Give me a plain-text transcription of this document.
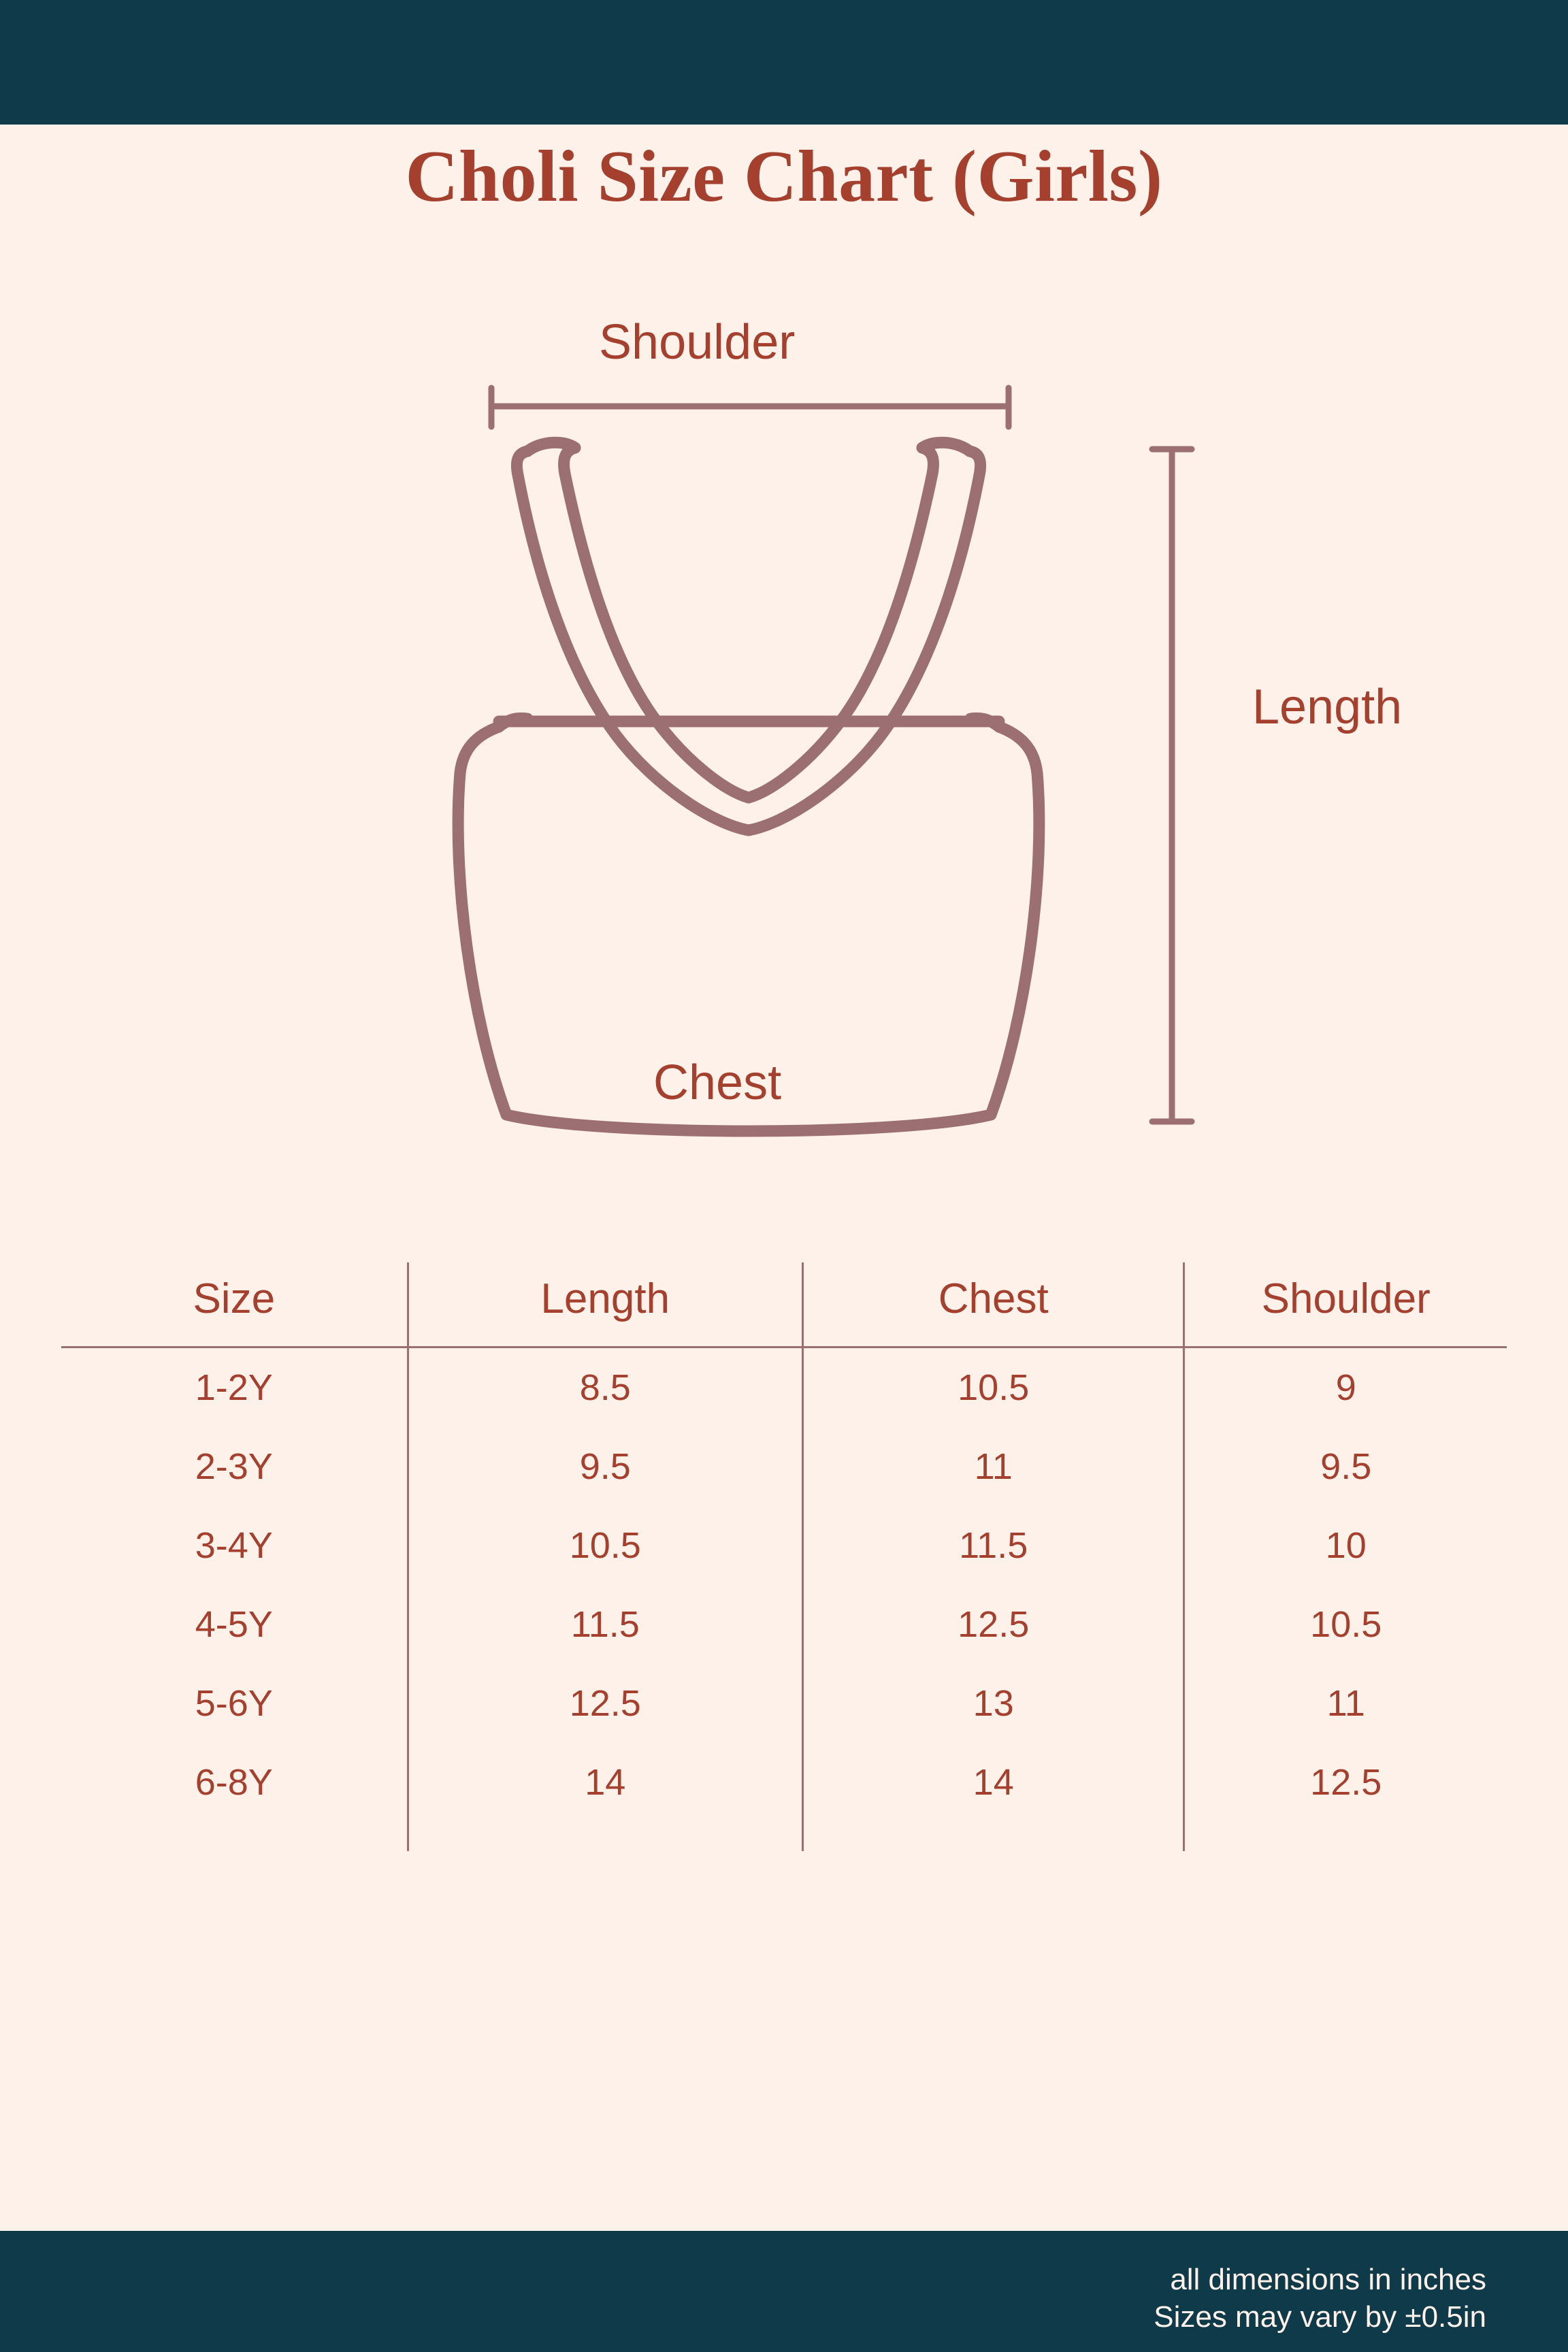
Choli Size Chart (Girls)
Shoulder
Length
Chest
Size	Length	Chest	Shoulder
1-2Y	8.5	10.5	9
2-3Y	9.5	11	9.5
3-4Y	10.5	11.5	10
4-5Y	11.5	12.5	10.5
5-6Y	12.5	13	11
6-8Y	14	14	12.5
all dimensions in inches
Sizes may vary by ±0.5in
